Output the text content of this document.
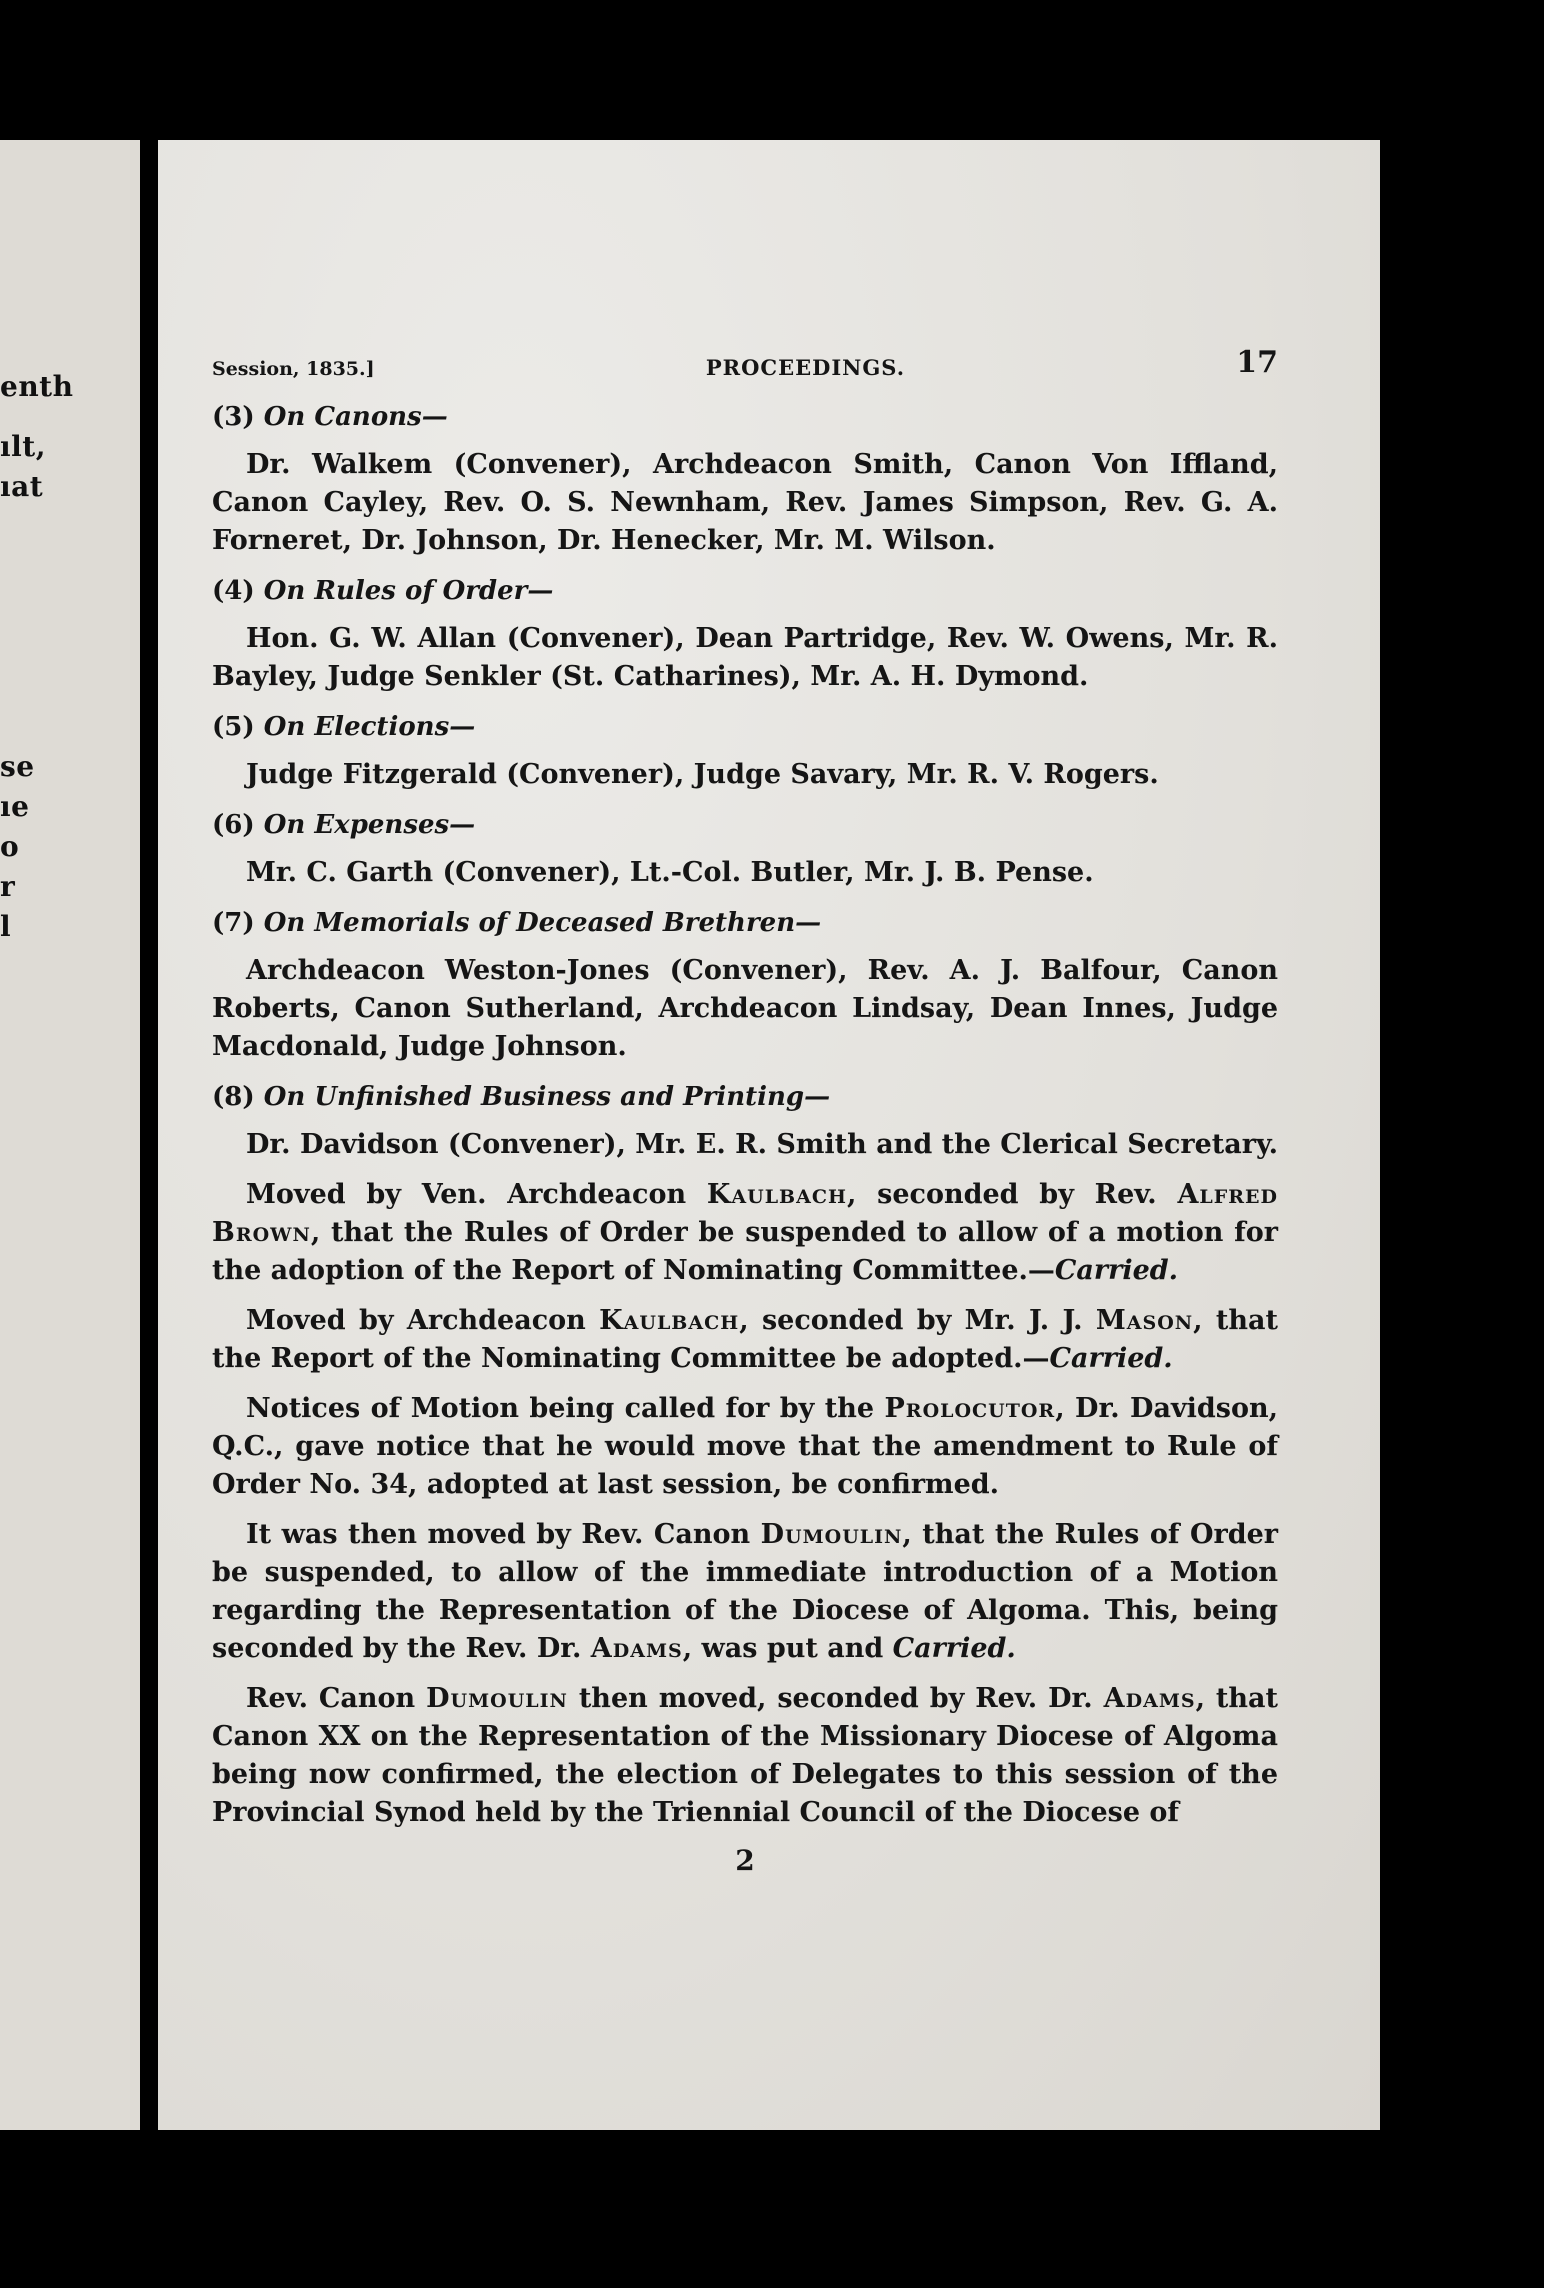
enth
ılt,
ıat
se
ıe
o
r
l
Session, 1835.]	PROCEEDINGS.	17

(3) On Canons—

Dr. Walkem (Convener), Archdeacon Smith, Canon Von Iffland, Canon Cayley, Rev. O. S. Newnham, Rev. James Simpson, Rev. G. A. Forneret, Dr. Johnson, Dr. Henecker, Mr. M. Wilson.

(4) On Rules of Order—

Hon. G. W. Allan (Convener), Dean Partridge, Rev. W. Owens, Mr. R. Bayley, Judge Senkler (St. Catharines), Mr. A. H. Dymond.

(5) On Elections—

Judge Fitzgerald (Convener), Judge Savary, Mr. R. V. Rogers.

(6) On Expenses—

Mr. C. Garth (Convener), Lt.-Col. Butler, Mr. J. B. Pense.

(7) On Memorials of Deceased Brethren—

Archdeacon Weston-Jones (Convener), Rev. A. J. Balfour, Canon Roberts, Canon Sutherland, Archdeacon Lindsay, Dean Innes, Judge Macdonald, Judge Johnson.

(8) On Unfinished Business and Printing—

Dr. Davidson (Convener), Mr. E. R. Smith and the Clerical Secretary.

Moved by Ven. Archdeacon Kaulbach, seconded by Rev. Alfred Brown, that the Rules of Order be suspended to allow of a motion for the adoption of the Report of Nominating Committee.—Carried.

Moved by Archdeacon Kaulbach, seconded by Mr. J. J. Mason, that the Report of the Nominating Committee be adopted.—Carried.

Notices of Motion being called for by the Prolocutor, Dr. Davidson, Q.C., gave notice that he would move that the amendment to Rule of Order No. 34, adopted at last session, be confirmed.

It was then moved by Rev. Canon Dumoulin, that the Rules of Order be suspended, to allow of the immediate introduction of a Motion regarding the Representation of the Diocese of Algoma. This, being seconded by the Rev. Dr. Adams, was put and Carried.

Rev. Canon Dumoulin then moved, seconded by Rev. Dr. Adams, that Canon XX on the Representation of the Missionary Diocese of Algoma being now confirmed, the election of Delegates to this session of the Provincial Synod held by the Triennial Council of the Diocese of

2
